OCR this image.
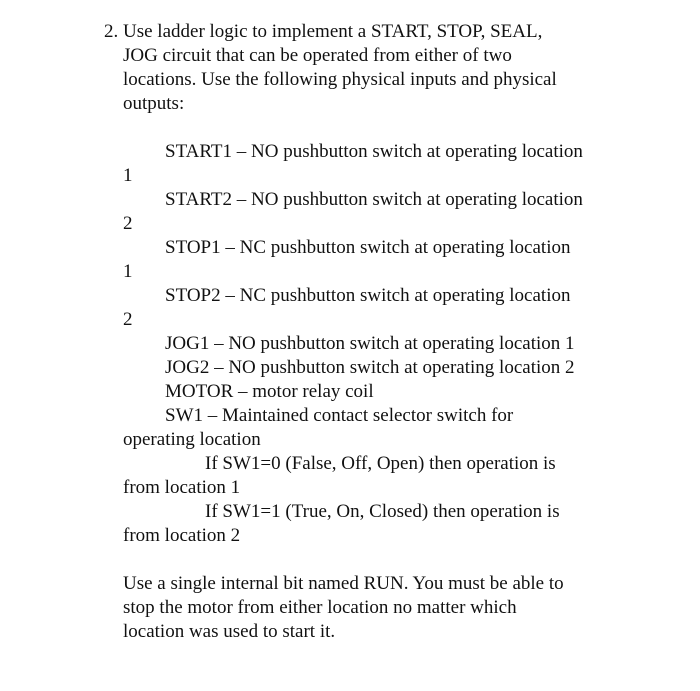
2. Use ladder logic to implement a START, STOP, SEAL,
JOG circuit that can be operated from either of two
locations. Use the following physical inputs and physical
outputs:
START1 – NO pushbutton switch at operating location
1
START2 – NO pushbutton switch at operating location
2
STOP1 – NC pushbutton switch at operating location
1
STOP2 – NC pushbutton switch at operating location
2
JOG1 – NO pushbutton switch at operating location 1
JOG2 – NO pushbutton switch at operating location 2
MOTOR – motor relay coil
SW1 – Maintained contact selector switch for
operating location
If SW1=0 (False, Off, Open) then operation is
from location 1
If SW1=1 (True, On, Closed) then operation is
from location 2
Use a single internal bit named RUN. You must be able to
stop the motor from either location no matter which
location was used to start it.
